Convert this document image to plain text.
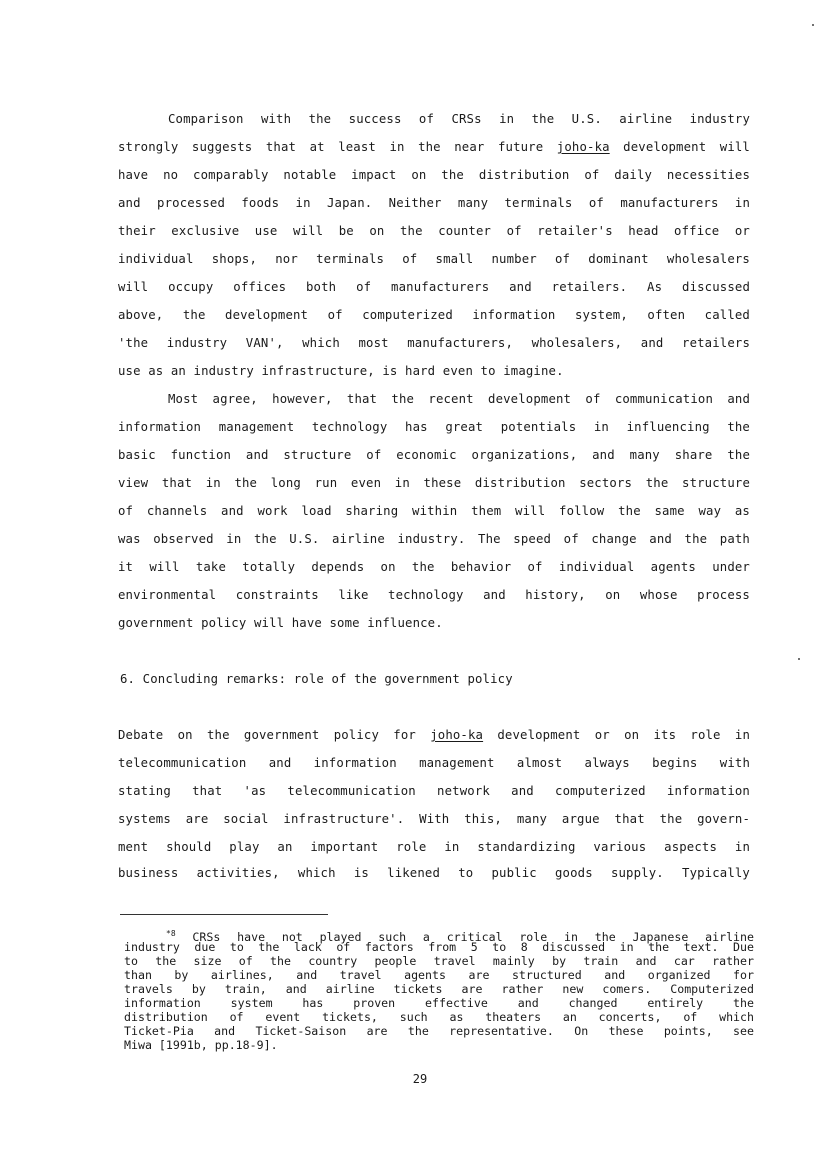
Comparison with the success of CRSs in the U.S. airline industry
strongly suggests that at least in the near future joho-ka development will
have no comparably notable impact on the distribution of daily necessities
and processed foods in Japan. Neither many terminals of manufacturers in
their exclusive use will be on the counter of retailer's head office or
individual shops, nor terminals of small number of dominant wholesalers
will occupy offices both of manufacturers and retailers. As discussed
above, the development of computerized information system, often called
'the industry VAN', which most manufacturers, wholesalers, and retailers
use as an industry infrastructure, is hard even to imagine.
Most agree, however, that the recent development of communication and
information management technology has great potentials in influencing the
basic function and structure of economic organizations, and many share the
view that in the long run even in these distribution sectors the structure
of channels and work load sharing within them will follow the same way as
was observed in the U.S. airline industry. The speed of change and the path
it will take totally depends on the behavior of individual agents under
environmental constraints like technology and history, on whose process
government policy will have some influence.
6. Concluding remarks: role of the government policy
Debate on the government policy for joho-ka development or on its role in
telecommunication and information management almost always begins with
stating that 'as telecommunication network and computerized information
systems are social infrastructure'. With this, many argue that the govern-
ment should play an important role in standardizing various aspects in
business activities, which is likened to public goods supply. Typically
$^{*8}$ CRSs have not played such a critical role in the Japanese airline
industry due to the lack of factors from 5 to 8 discussed in the text. Due
to the size of the country people travel mainly by train and car rather
than by airlines, and travel agents are structured and organized for
travels by train, and airline tickets are rather new comers. Computerized
information system has proven effective and changed entirely the
distribution of event tickets, such as theaters an concerts, of which
Ticket-Pia and Ticket-Saison are the representative. On these points, see
Miwa [1991b, pp.18-9].
29
